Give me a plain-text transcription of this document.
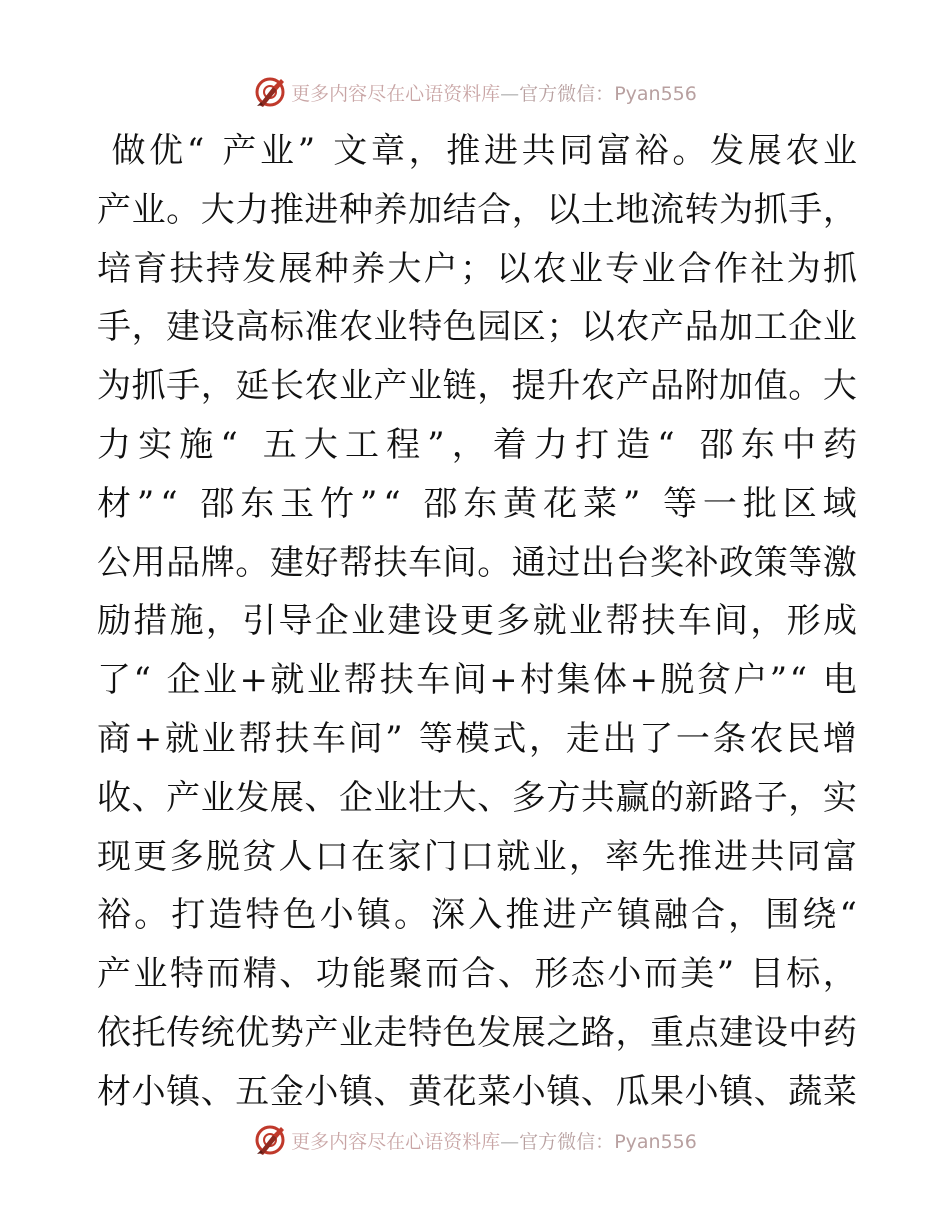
更多内容尽在心语资料库—官方微信：Pyan556

做 优 “
产 业 ”
文 章 ， 推 进 共 同 富 裕 。 发 展 农 业
产 业 。 大 力 推 进 种 养 加 结 合 ， 以 土 地 流 转 为 抓 手 ，
培 育 扶 持 发 展 种 养 大 户 ； 以 农 业 专 业 合 作 社 为 抓
手 ， 建 设 高 标 准 农 业 特 色 园 区 ； 以 农 产 品 加 工 企 业
为 抓 手 ， 延 长 农 业 产 业 链 ， 提 升 农 产 品 附 加 值 。 大
力 实 施 “
五 大 工 程 ” ， 着 力 打 造 “
邵 东 中 药
材 ” “
邵 东 玉 竹 ” “
邵 东 黄 花 菜 ”
等 一 批 区 域
公 用 品 牌 。 建 好 帮 扶 车 间 。 通 过 出 台 奖 补 政 策 等 激
励 措 施 ， 引 导 企 业 建 设 更 多 就 业 帮 扶 车 间 ， 形 成
了 “
企 业 + 就 业 帮 扶 车 间 + 村 集 体 + 脱 贫 户 ” “
电
商 + 就 业 帮 扶 车 间 ”
等 模 式 ， 走 出 了 一 条 农 民 增
收 、 产 业 发 展 、 企 业 壮 大 、 多 方 共 赢 的 新 路 子 ， 实
现 更 多 脱 贫 人 口 在 家 门 口 就 业 ， 率 先 推 进 共 同 富
裕 。 打 造 特 色 小 镇 。 深 入 推 进 产 镇 融 合 ， 围 绕 “
产 业 特 而 精 、 功 能 聚 而 合 、 形 态 小 而 美 ”
目 标 ，
依 托 传 统 优 势 产 业 走 特 色 发 展 之 路 ， 重 点 建 设 中 药
材 小 镇 、 五 金 小 镇 、 黄 花 菜 小 镇 、 瓜 果 小 镇 、 蔬 菜
更多内容尽在心语资料库—官方微信：Pyan556
